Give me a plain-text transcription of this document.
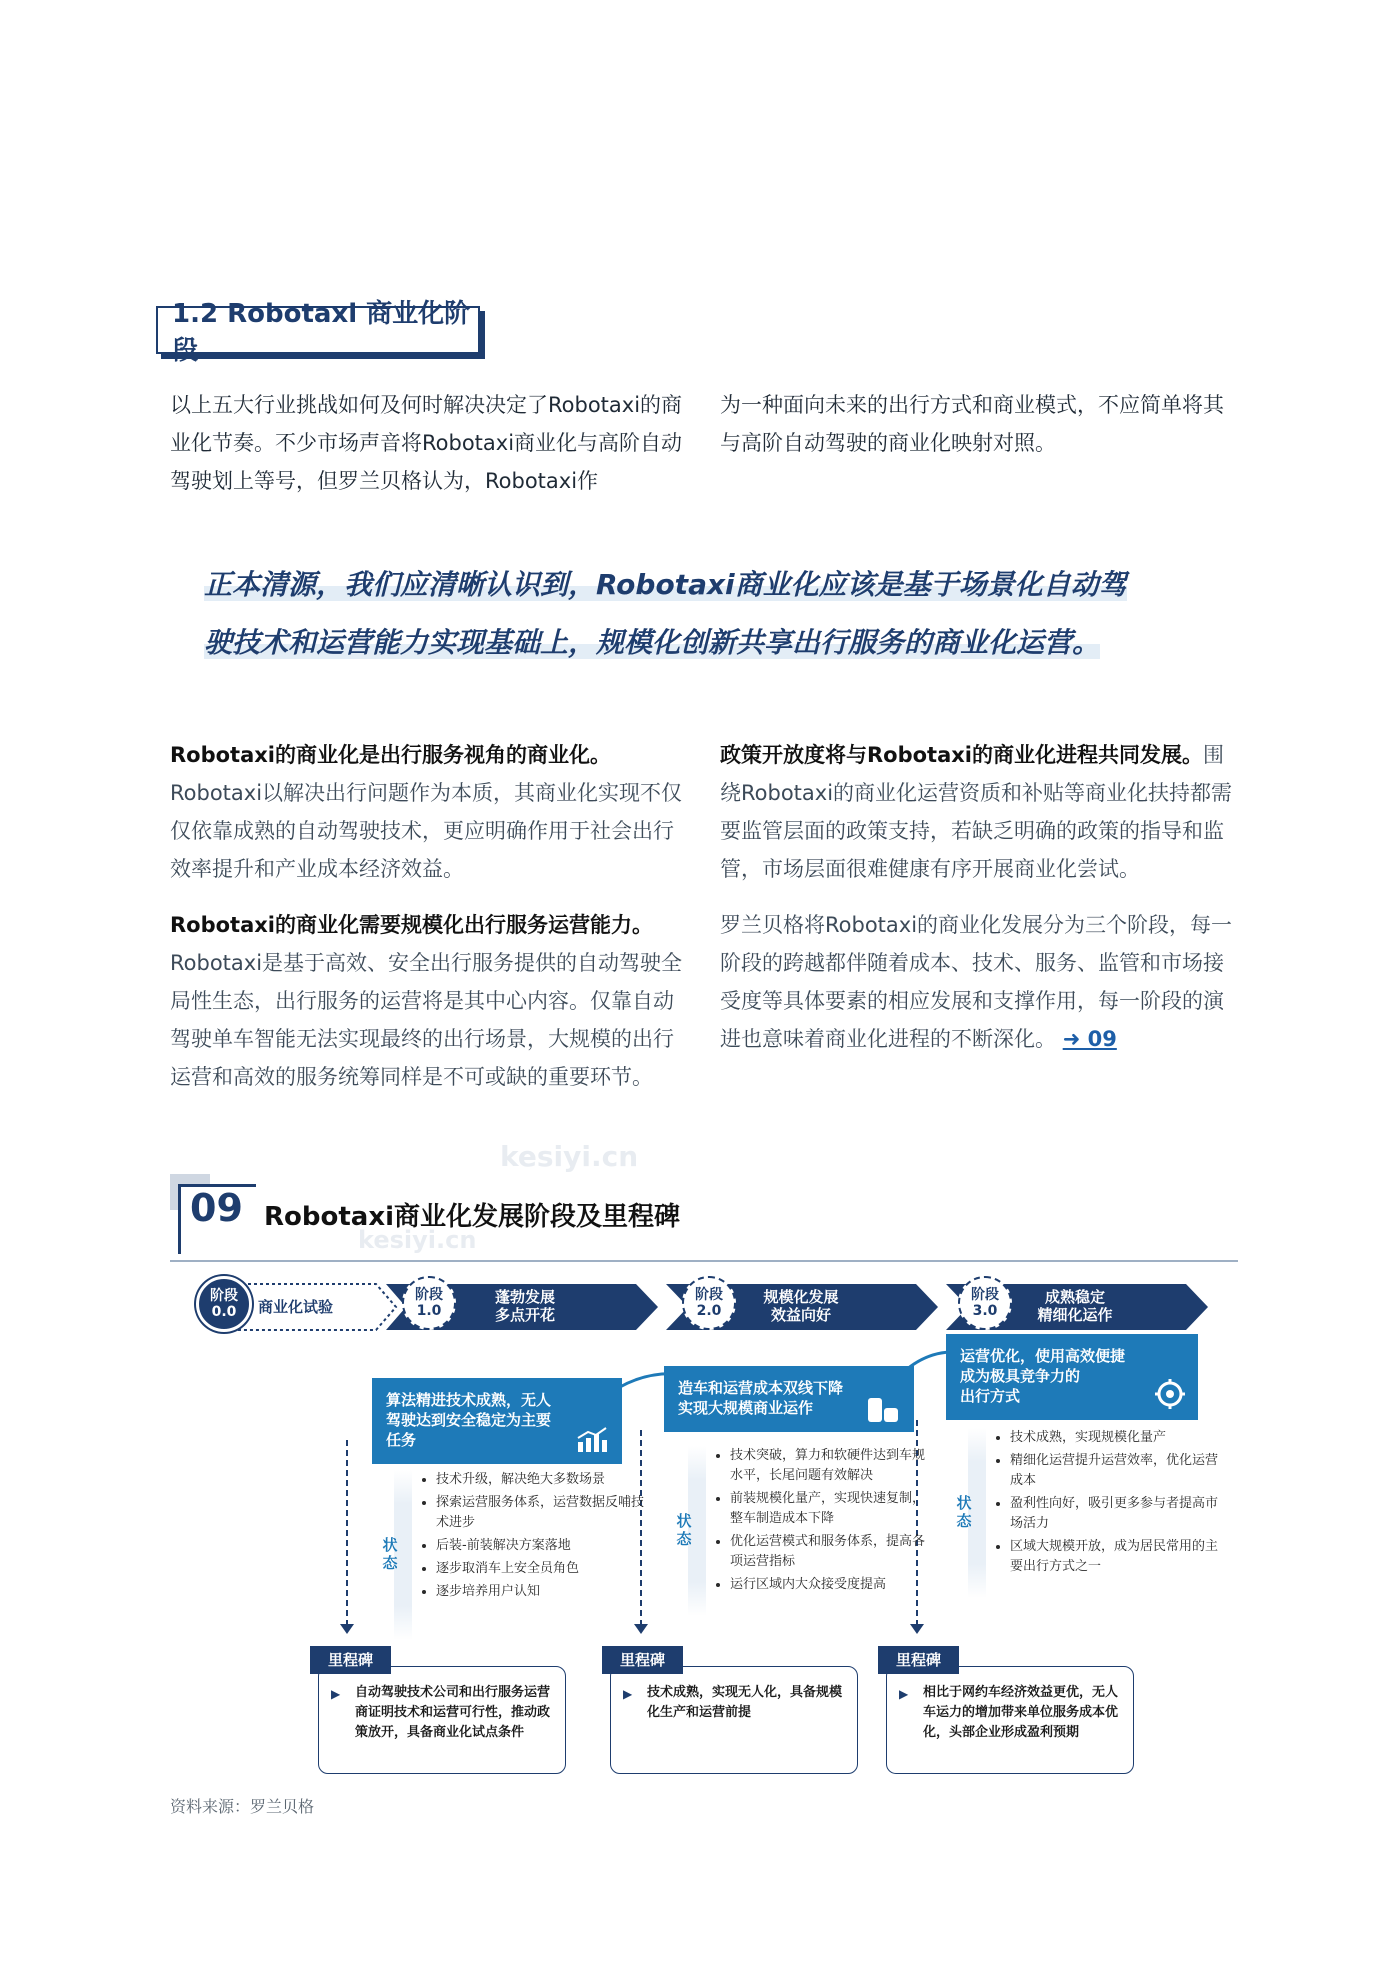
1.2 Robotaxi 商业化阶段

以上五大行业挑战如何及何时解决决定了Robotaxi的商业化节奏。不少市场声音将Robotaxi商业化与高阶自动驾驶划上等号，但罗兰贝格认为，Robotaxi作

为一种面向未来的出行方式和商业模式，不应简单将其与高阶自动驾驶的商业化映射对照。

正本清源，我们应清晰认识到，Robotaxi商业化应该是基于场景化自动驾
驶技术和运营能力实现基础上，规模化创新共享出行服务的商业化运营。
kesiyi.cn
kesiyi.cn

Robotaxi的商业化是出行服务视角的商业化。Robotaxi以解决出行问题作为本质，其商业化实现不仅仅依靠成熟的自动驾驶技术，更应明确作用于社会出行效率提升和产业成本经济效益。

Robotaxi的商业化需要规模化出行服务运营能力。Robotaxi是基于高效、安全出行服务提供的自动驾驶全局性生态，出行服务的运营将是其中心内容。仅靠自动驾驶单车智能无法实现最终的出行场景，大规模的出行运营和高效的服务统筹同样是不可或缺的重要环节。

政策开放度将与Robotaxi的商业化进程共同发展。围绕Robotaxi的商业化运营资质和补贴等商业化扶持都需要监管层面的政策支持，若缺乏明确的政策的指导和监管，市场层面很难健康有序开展商业化尝试。

罗兰贝格将Robotaxi的商业化发展分为三个阶段，每一阶段的跨越都伴随着成本、技术、服务、监管和市场接受度等具体要素的相应发展和支撑作用，每一阶段的演进也意味着商业化进程的不断深化。 ➜ 09

09 Robotaxi商业化发展阶段及里程碑
阶段
0.0 商业化试验
阶段
1.0
蓬勃发展
多点开花
阶段
2.0
规模化发展
效益向好
阶段
3.0
成熟稳定
精细化运作
算法精进技术成熟，无人
驾驶达到安全稳定为主要
任务
造车和运营成本双线下降
实现大规模商业运作
运营优化，使用高效便捷
成为极具竞争力的
出行方式
状态
• 技术升级，解决绝大多数场景
• 探索运营服务体系，运营数据反哺技术进步
• 后装-前装解决方案落地
• 逐步取消车上安全员角色
• 逐步培养用户认知
状态
• 技术突破，算力和软硬件达到车规水平，长尾问题有效解决
• 前装规模化量产，实现快速复制，整车制造成本下降
• 优化运营模式和服务体系，提高各项运营指标
• 运行区域内大众接受度提高
状态
• 技术成熟，实现规模化量产
• 精细化运营提升运营效率，优化运营成本
• 盈利性向好，吸引更多参与者提高市场活力
• 区域大规模开放，成为居民常用的主要出行方式之一
▶ 自动驾驶技术公司和出行服务运营商证明技术和运营可行性，推动政策放开，具备商业化试点条件
里程碑
▶ 技术成熟，实现无人化，具备规模化生产和运营前提
里程碑
▶ 相比于网约车经济效益更优，无人车运力的增加带来单位服务成本优化，头部企业形成盈利预期
里程碑
资料来源：罗兰贝格
